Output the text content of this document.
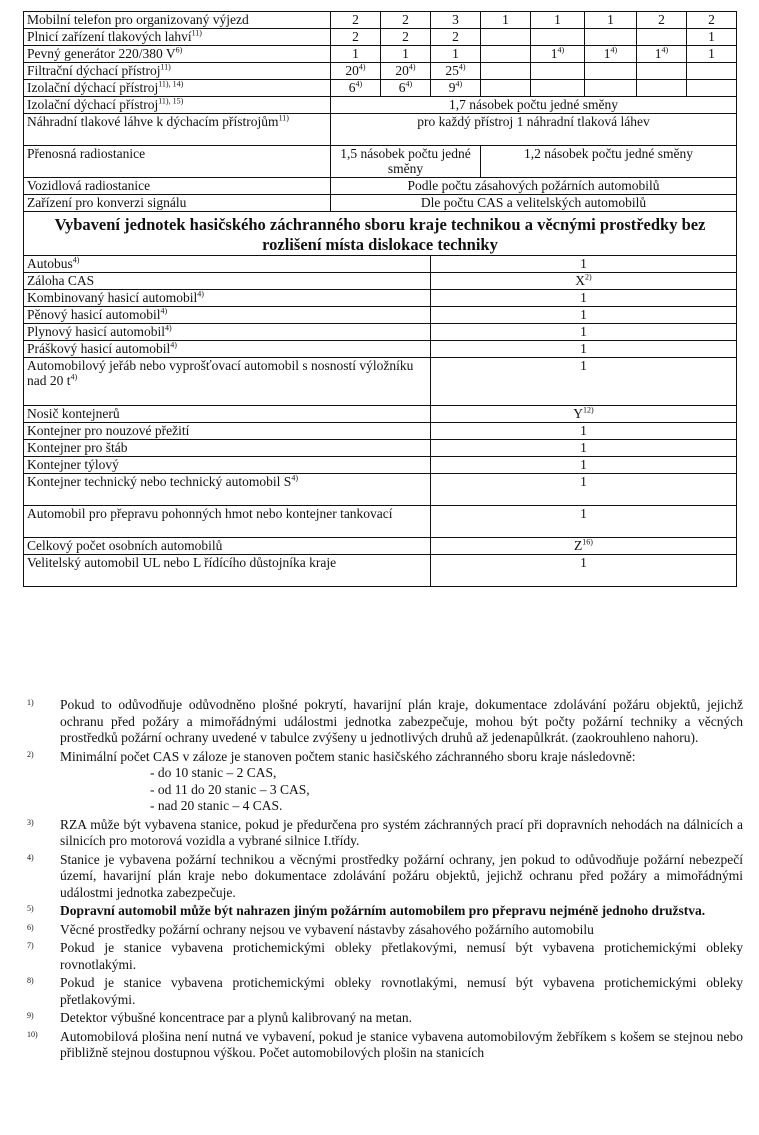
Mobilní telefon pro organizovaný výjezd	2	2	3	1	1	1	2	2
Plnicí zařízení tlakových lahví$^{11)}$	2	2	2					1
Pevný generátor 220/380 $V^{6)}$	1	1	1		1$^{4)}$	1$^{4)}$	1$^{4)}$	1
Filtrační dýchací přístroj$^{11)}$	20$^{4)}$	20$^{4)}$	25$^{4)}$					
Izolační dýchací přístroj$^{11), 14)}$	6$^{4)}$	6$^{4)}$	9$^{4)}$					
Izolační dýchací přístroj$^{11), 15)}$	1,7 násobek počtu jedné směny							
Náhradní tlakové láhve k dýchacím přístrojům$^{11)}$	pro každý přístroj 1 náhradní tlaková láhev							
Přenosná radiostanice	1,5 násobek počtu jedné směny			1,2 násobek počtu jedné směny				
Vozidlová radiostanice	Podle počtu zásahových požárních automobilů							
Zařízení pro konverzi signálu	Dle počtu CAS a velitelských automobilů							
Vybavení jednotek hasičského záchranného sboru kraje technikou a věcnými prostředky bez rozlišení místa dislokace techniky								
Autobus$^{4)}$			1					
Záloha CAS			$X^{2)}$
Kombinovaný hasicí automobil$^{4)}$			1					
Pěnový hasicí automobil$^{4)}$			1					
Plynový hasicí automobil$^{4)}$			1					
Práškový hasicí automobil$^{4)}$			1					
Automobilový jeřáb nebo vyprošťovací automobil s nosností výložníku nad 20 $t^{4)}$			1					
Nosič kontejnerů			$Y^{12)}$
Kontejner pro nouzové přežití			1					
Kontejner pro štáb			1					
Kontejner týlový			1					
Kontejner technický nebo technický automobil $S^{4)}$			1					
Automobil pro přepravu pohonných hmot nebo kontejner tankovací			1					
Celkový počet osobních automobilů			$Z^{16)}$
Velitelský automobil UL nebo L řídícího důstojníka kraje			1					
1)	Pokud to odůvodňuje odůvodněno plošné pokrytí, havarijní plán kraje, dokumentace zdolávání požáru objektů, jejichž ochranu před požáry a mimořádnými událostmi jednotka zabezpečuje, mohou být počty požární techniky a věcných prostředků požární ochrany uvedené v tabulce zvýšeny u jednotlivých druhů až jedenapůlkrát. (zaokrouhleno nahoru).
2)	Minimální počet CAS v záloze je stanoven počtem stanic hasičského záchranného sboru kraje následovně:
- do 10 stanic – 2 CAS,
- od 11 do 20 stanic – 3 CAS,
- nad 20 stanic – 4 CAS.
3)	RZA může být vybavena stanice, pokud je předurčena pro systém záchranných prací při dopravních nehodách na dálnicích a silnicích pro motorová vozidla a vybrané silnice I.třídy.
4)	Stanice je vybavena požární technikou a věcnými prostředky požární ochrany, jen pokud to odůvodňuje požární nebezpečí území, havarijní plán kraje nebo dokumentace zdolávání požáru objektů, jejichž ochranu před požáry a mimořádnými událostmi jednotka zabezpečuje.
5)	Dopravní automobil může být nahrazen jiným požárním automobilem pro přepravu nejméně jednoho družstva.
6)	Věcné prostředky požární ochrany nejsou ve vybavení nástavby zásahového požárního automobilu
7)	Pokud je stanice vybavena protichemickými obleky přetlakovými, nemusí být vybavena protichemickými obleky rovnotlakými.
8)	Pokud je stanice vybavena protichemickými obleky rovnotlakými, nemusí být vybavena protichemickými obleky přetlakovými.
9)	Detektor výbušné koncentrace par a plynů kalibrovaný na metan.
10)	Automobilová plošina není nutná ve vybavení, pokud je stanice vybavena automobilovým žebříkem s košem se stejnou nebo přibližně stejnou dostupnou výškou. Počet automobilových plošin na stanicích
